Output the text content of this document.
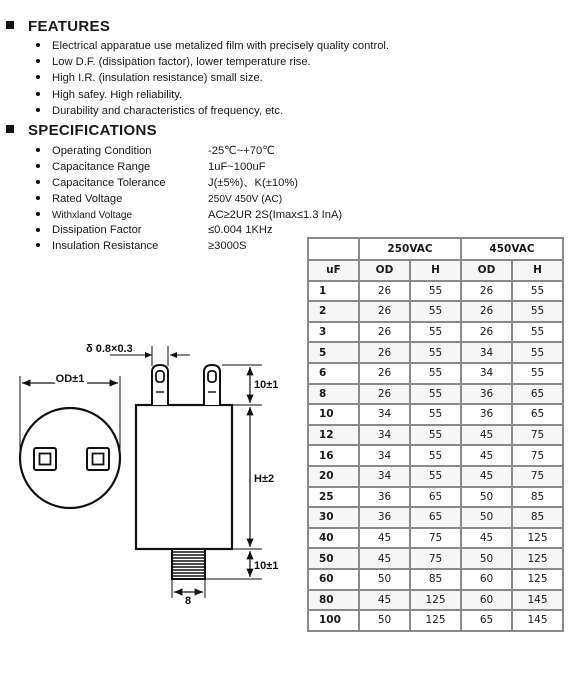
FEATURES
Electrical apparatue use metalized film with precisely quality control.
Low D.F. (dissipation factor), lower temperature rise.
High I.R. (insulation resistance) small size.
High safey. High reliability.
Durability and characteristics of frequency, etc.
SPECIFICATIONS
Operating Condition	-25℃~+70℃
Capacitance Range	1uF~100uF
Capacitance Tolerance	J(±5%)、K(±10%)
Rated Voltage	250V 450V (AC)
Withxland Voltage	AC≥2UR 2S(Imax≤1.3 InA)
Dissipation Factor	≤0.004 1KHz
Insulation Resistance	≥3000S
OD±1
δ 0.8×0.3
10±1
H±2
10±1
8
	250VAC		450VAC	
uF	OD	H	OD	H
1	26	55	26	55
2	26	55	26	55
3	26	55	26	55
5	26	55	34	55
6	26	55	34	55
8	26	55	36	65
10	34	55	36	65
12	34	55	45	75
16	34	55	45	75
20	34	55	45	75
25	36	65	50	85
30	36	65	50	85
40	45	75	45	125
50	45	75	50	125
60	50	85	60	125
80	45	125	60	145
100	50	125	65	145
